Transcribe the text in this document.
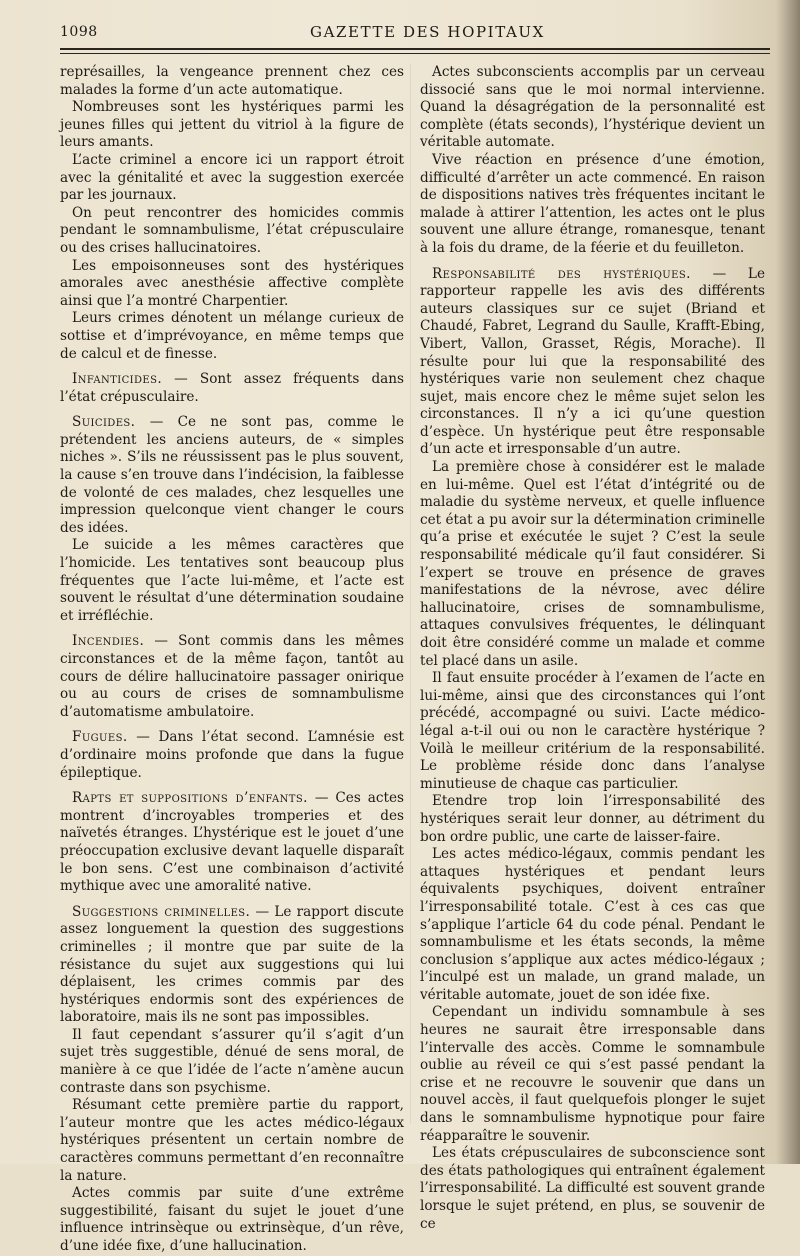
1098	GAZETTE DES HOPITAUX

représailles, la vengeance prennent chez ces malades la forme d’un acte automatique.

Nombreuses sont les hystériques parmi les jeunes filles qui jettent du vitriol à la figure de leurs amants.

L’acte criminel a encore ici un rapport étroit avec la génitalité et avec la suggestion exercée par les journaux.

On peut rencontrer des homicides commis pendant le somnambulisme, l’état crépusculaire ou des crises hallucinatoires.

Les empoisonneuses sont des hystériques amorales avec anesthésie affective complète ainsi que l’a montré Charpentier.

Leurs crimes dénotent un mélange curieux de sottise et d’imprévoyance, en même temps que de calcul et de finesse.

Infanticides. — Sont assez fréquents dans l’état crépusculaire.

Suicides. — Ce ne sont pas, comme le prétendent les anciens auteurs, de « simples niches ». S’ils ne réussissent pas le plus souvent, la cause s’en trouve dans l’indécision, la faiblesse de volonté de ces malades, chez lesquelles une impression quelconque vient changer le cours des idées.

Le suicide a les mêmes caractères que l’homicide. Les tentatives sont beaucoup plus fréquentes que l’acte lui-même, et l’acte est souvent le résultat d’une détermination soudaine et irréfléchie.

Incendies. — Sont commis dans les mêmes circonstances et de la même façon, tantôt au cours de délire hallucinatoire passager onirique ou au cours de crises de somnambulisme d’automatisme ambulatoire.

Fugues. — Dans l’état second. L’amnésie est d’ordinaire moins profonde que dans la fugue épileptique.

Rapts et suppositions d’enfants. — Ces actes montrent d’incroyables tromperies et des naïvetés étranges. L’hystérique est le jouet d’une préoccupation exclusive devant laquelle disparaît le bon sens. C’est une combinaison d’activité mythique avec une amoralité native.

Suggestions criminelles. — Le rapport discute assez longuement la question des suggestions criminelles ; il montre que par suite de la résistance du sujet aux suggestions qui lui déplaisent, les crimes commis par des hystériques endormis sont des expériences de laboratoire, mais ils ne sont pas impossibles.

Il faut cependant s’assurer qu’il s’agit d’un sujet très suggestible, dénué de sens moral, de manière à ce que l’idée de l’acte n’amène aucun contraste dans son psychisme.

Résumant cette première partie du rapport, l’auteur montre que les actes médico-légaux hystériques présentent un certain nombre de caractères communs permettant d’en reconnaître la nature.

Actes commis par suite d’une extrême suggestibilité, faisant du sujet le jouet d’une influence intrinsèque ou extrinsèque, d’un rêve, d’une idée fixe, d’une hallucination.

Actes subconscients accomplis par un cerveau dissocié sans que le moi normal intervienne. Quand la désagrégation de la personnalité est complète (états seconds), l’hystérique devient un véritable automate.

Vive réaction en présence d’une émotion, difficulté d’arrêter un acte commencé. En raison de dispositions natives très fréquentes incitant le malade à attirer l’attention, les actes ont le plus souvent une allure étrange, romanesque, tenant à la fois du drame, de la féerie et du feuilleton.

Responsabilité des hystériques. — Le rapporteur rappelle les avis des différents auteurs classiques sur ce sujet (Briand et Chaudé, Fabret, Legrand du Saulle, Krafft-Ebing, Vibert, Vallon, Grasset, Régis, Morache). Il résulte pour lui que la responsabilité des hystériques varie non seulement chez chaque sujet, mais encore chez le même sujet selon les circonstances. Il n’y a ici qu’une question d’espèce. Un hystérique peut être responsable d’un acte et irresponsable d’un autre.

La première chose à considérer est le malade en lui-même. Quel est l’état d’intégrité ou de maladie du système nerveux, et quelle influence cet état a pu avoir sur la détermination criminelle qu’a prise et exécutée le sujet ? C’est la seule responsabilité médicale qu’il faut considérer. Si l’expert se trouve en présence de graves manifestations de la névrose, avec délire hallucinatoire, crises de somnambulisme, attaques convulsives fréquentes, le délinquant doit être considéré comme un malade et comme tel placé dans un asile.

Il faut ensuite procéder à l’examen de l’acte en lui-même, ainsi que des circonstances qui l’ont précédé, accompagné ou suivi. L’acte médico-légal a-t-il oui ou non le caractère hystérique ? Voilà le meilleur critérium de la responsabilité. Le problème réside donc dans l’analyse minutieuse de chaque cas particulier.

Etendre trop loin l’irresponsabilité des hystériques serait leur donner, au détriment du bon ordre public, une carte de laisser-faire.

Les actes médico-légaux, commis pendant les attaques hystériques et pendant leurs équivalents psychiques, doivent entraîner l’irresponsabilité totale. C’est à ces cas que s’applique l’article 64 du code pénal. Pendant le somnambulisme et les états seconds, la même conclusion s’applique aux actes médico-légaux ; l’inculpé est un malade, un grand malade, un véritable automate, jouet de son idée fixe.

Cependant un individu somnambule à ses heures ne saurait être irresponsable dans l’intervalle des accès. Comme le somnambule oublie au réveil ce qui s’est passé pendant la crise et ne recouvre le souvenir que dans un nouvel accès, il faut quelquefois plonger le sujet dans le somnambulisme hypnotique pour faire réapparaître le souvenir.

Les états crépusculaires de subconscience sont des états pathologiques qui entraînent également l’irresponsabilité. La difficulté est souvent grande lorsque le sujet prétend, en plus, se souvenir de ce
